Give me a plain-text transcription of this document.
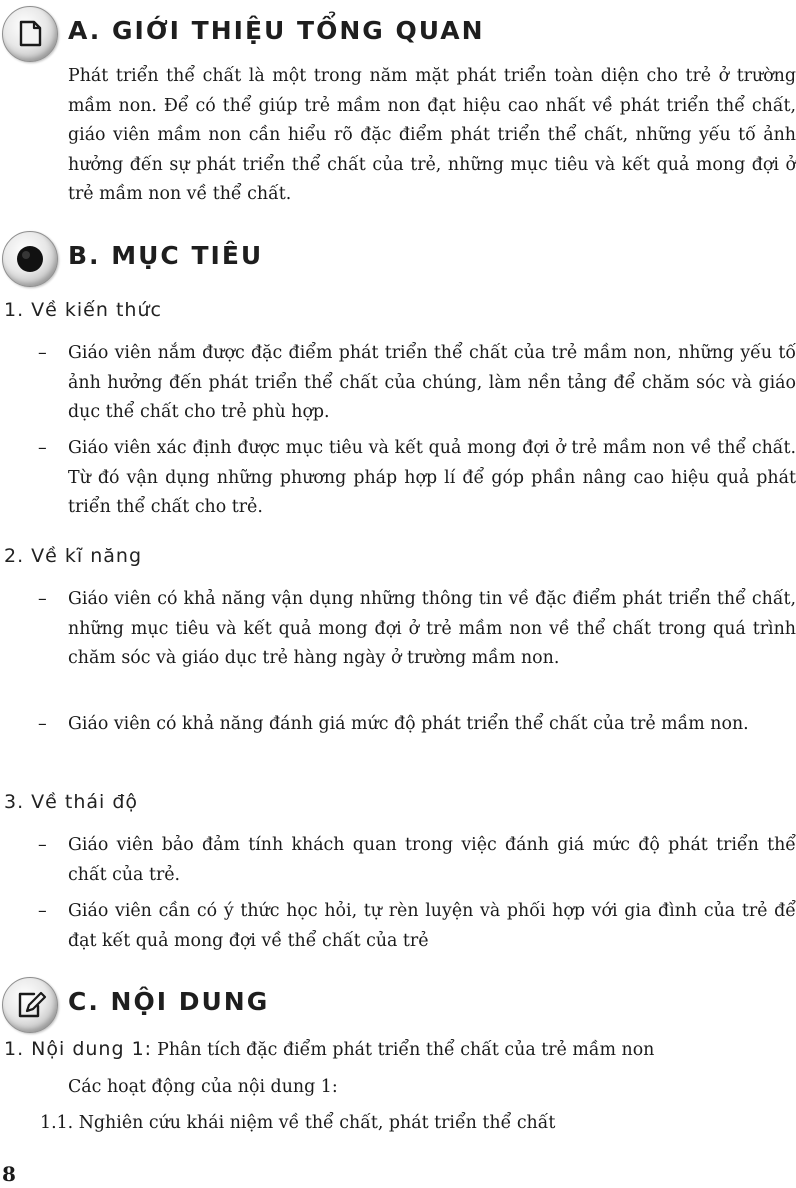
A. GIỚI THIỆU TỔNG QUAN
Phát triển thể chất là một trong năm mặt phát triển toàn diện cho trẻ ở trường mầm non. Để có thể giúp trẻ mầm non đạt hiệu cao nhất về phát triển thể chất, giáo viên mầm non cần hiểu rõ đặc điểm phát triển thể chất, những yếu tố ảnh hưởng đến sự phát triển thể chất của trẻ, những mục tiêu và kết quả mong đợi ở trẻ mầm non về thể chất.
B. MỤC TIÊU
1. Về kiến thức
–	Giáo viên nắm được đặc điểm phát triển thể chất của trẻ mầm non, những yếu tố ảnh hưởng đến phát triển thể chất của chúng, làm nền tảng để chăm sóc và giáo dục thể chất cho trẻ phù hợp.
–	Giáo viên xác định được mục tiêu và kết quả mong đợi ở trẻ mầm non về thể chất. Từ đó vận dụng những phương pháp hợp lí để góp phần nâng cao hiệu quả phát triển thể chất cho trẻ.
2. Về kĩ năng
–	Giáo viên có khả năng vận dụng những thông tin về đặc điểm phát triển thể chất, những mục tiêu và kết quả mong đợi ở trẻ mầm non về thể chất trong quá trình chăm sóc và giáo dục trẻ hàng ngày ở trường mầm non.
–	Giáo viên có khả năng đánh giá mức độ phát triển thể chất của trẻ mầm non.
3. Về thái độ
–	Giáo viên bảo đảm tính khách quan trong việc đánh giá mức độ phát triển thể chất của trẻ.
–	Giáo viên cần có ý thức học hỏi, tự rèn luyện và phối hợp với gia đình của trẻ để đạt kết quả mong đợi về thể chất của trẻ
C. NỘI DUNG
1. Nội dung 1: Phân tích đặc điểm phát triển thể chất của trẻ mầm non
Các hoạt động của nội dung 1:
1.1. Nghiên cứu khái niệm về thể chất, phát triển thể chất
8
